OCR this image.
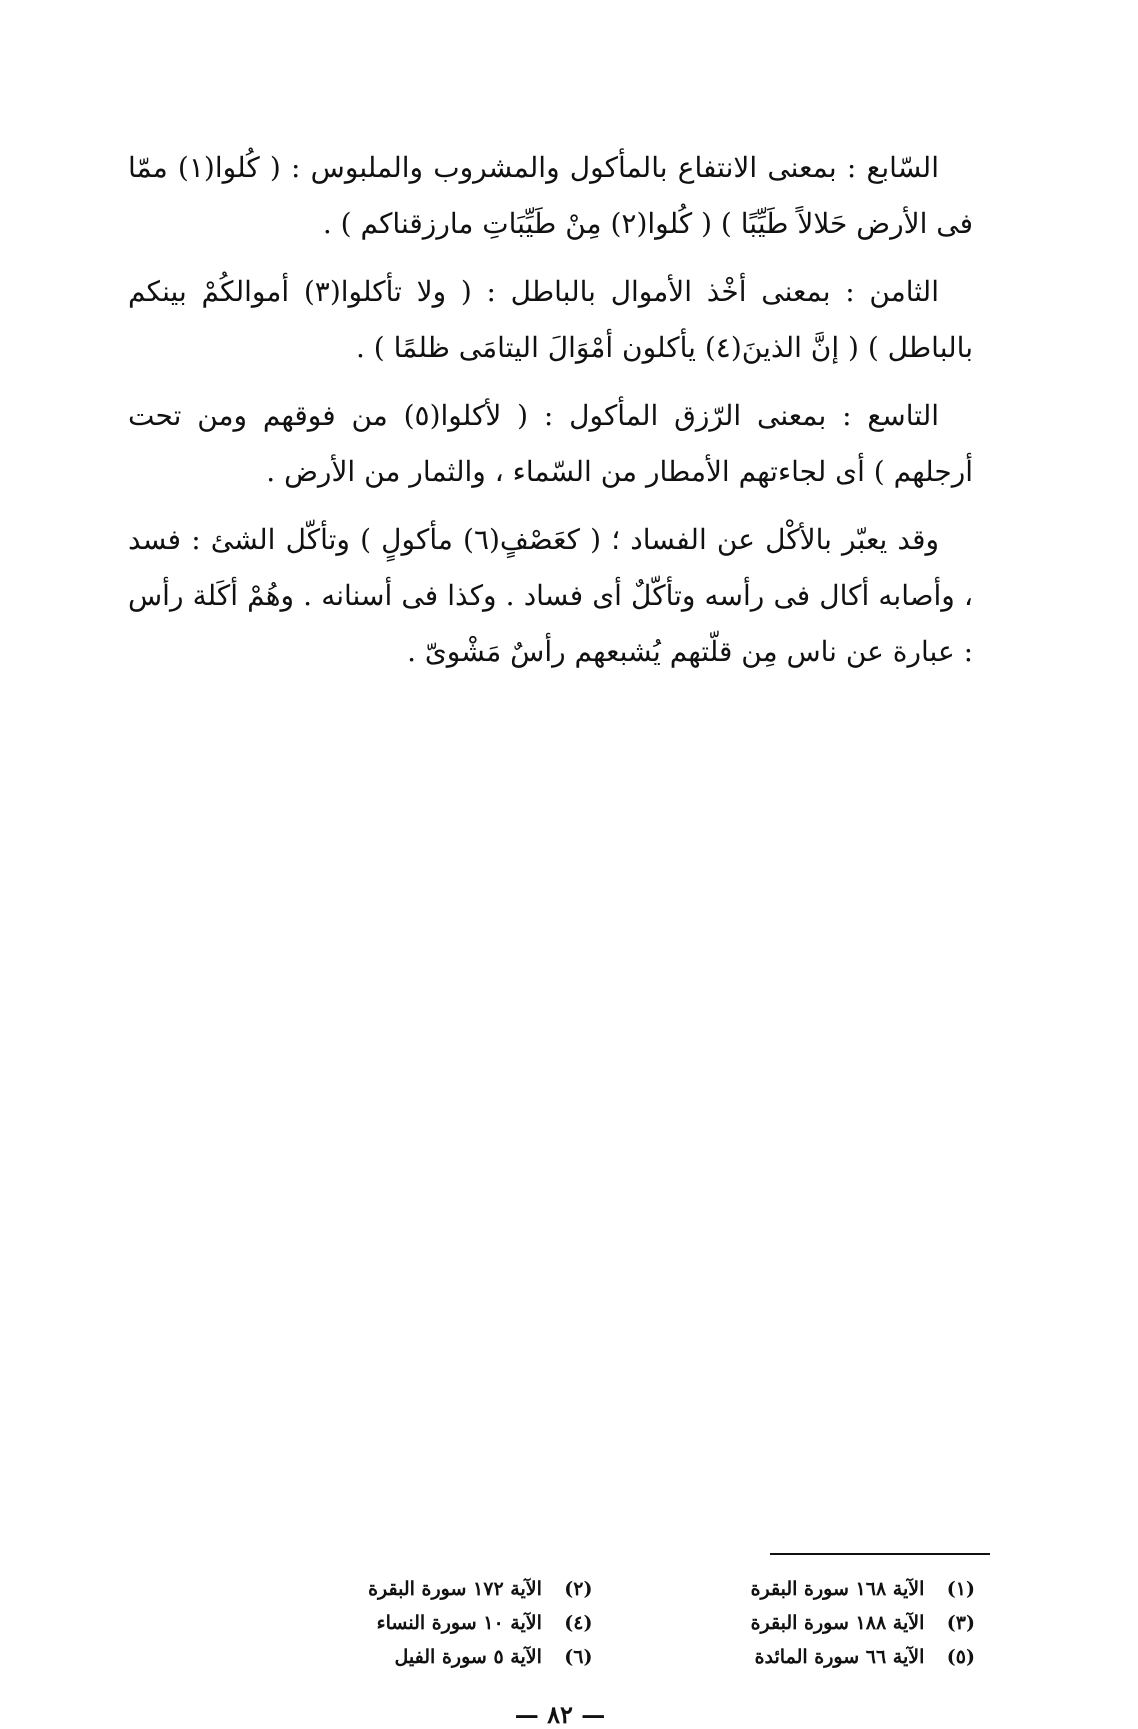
السّابع : بمعنى الانتفاع بالمأكول والمشروب والملبوس : ( كُلوا(١) ممّا فى الأرض حَلالاً طَيِّبًا ) ( كُلوا(٢) مِنْ طَيِّبَاتِ مارزقناكم ) .

الثامن : بمعنى أخْذ الأموال بالباطل : ( ولا تأكلوا(٣) أموالكُمْ بينكم بالباطل ) ( إنَّ الذينَ(٤) يأكلون أمْوَالَ اليتامَى ظلمًا ) .

التاسع : بمعنى الرّزق المأكول : ( لأكلوا(٥) من فوقهم ومن تحت أرجلهم ) أى لجاءتهم الأمطار من السّماء ، والثمار من الأرض .

وقد يعبّر بالأكْل عن الفساد ؛ ( كعَصْفٍ(٦) مأكولٍ ) وتأكّل الشئ : فسد ، وأصابه أكال فى رأسه وتأكّلٌ أى فساد . وكذا فى أسنانه . وهُمْ أكَلة رأس : عبارة عن ناس مِن قلّتهم يُشبعهم رأسٌ مَشْوىّ .

(١) الآية ١٦٨ سورة البقرة
(٢) الآية ١٧٢ سورة البقرة
(٣) الآية ١٨٨ سورة البقرة
(٤) الآية ١٠ سورة النساء
(٥) الآية ٦٦ سورة المائدة
(٦) الآية ٥ سورة الفيل
— ٨٢ —
